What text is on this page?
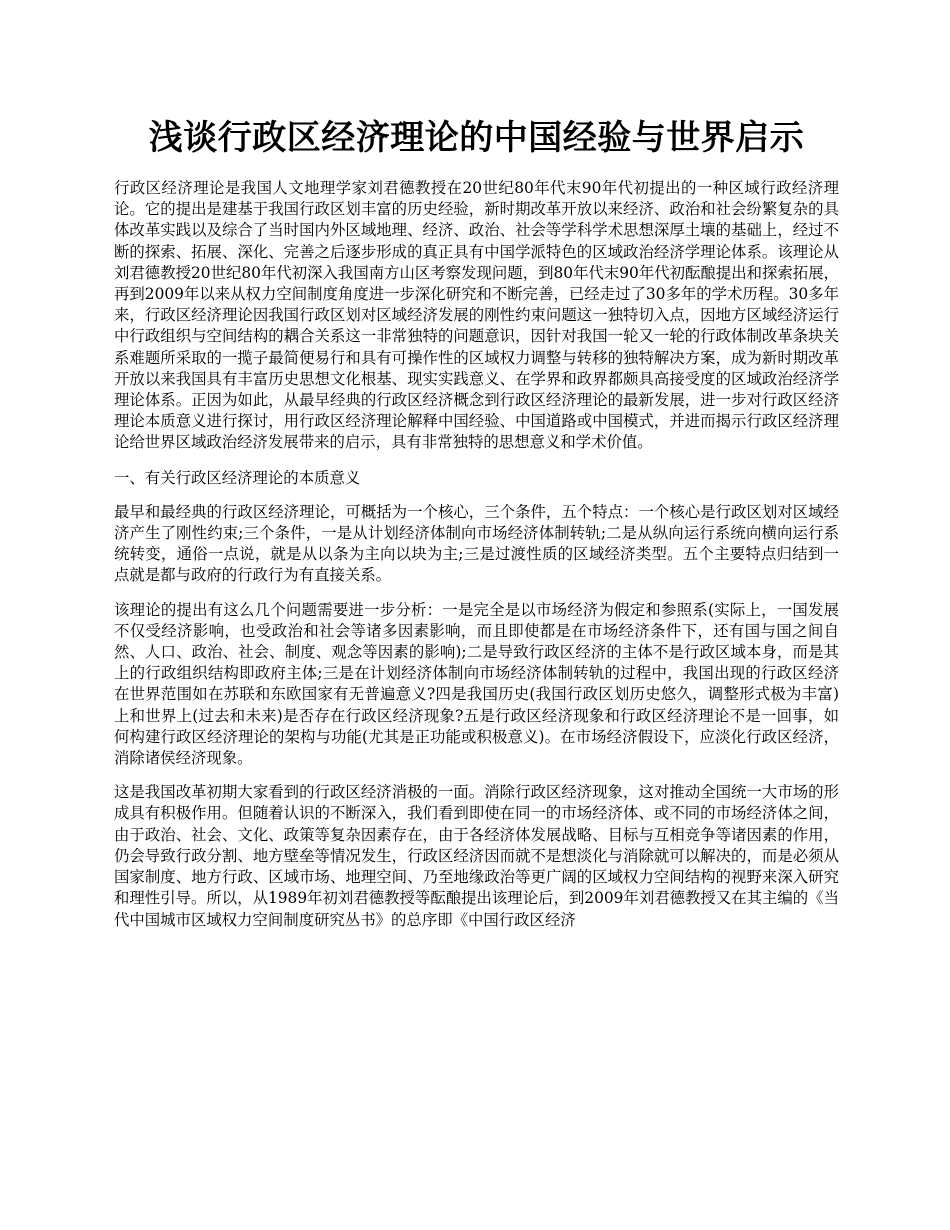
浅谈行政区经济理论的中国经验与世界启示

行政区经济理论是我国人文地理学家刘君德教授在20世纪80年代末90年代初提出的一种区域行政经济理论。它的提出是建基于我国行政区划丰富的历史经验，新时期改革开放以来经济、政治和社会纷繁复杂的具体改革实践以及综合了当时国内外区域地理、经济、政治、社会等学科学术思想深厚土壤的基础上，经过不断的探索、拓展、深化、完善之后逐步形成的真正具有中国学派特色的区域政治经济学理论体系。该理论从刘君德教授20世纪80年代初深入我国南方山区考察发现问题，到80年代末90年代初酝酿提出和探索拓展，再到2009年以来从权力空间制度角度进一步深化研究和不断完善，已经走过了30多年的学术历程。30多年来，行政区经济理论因我国行政区划对区域经济发展的刚性约束问题这一独特切入点，因地方区域经济运行中行政组织与空间结构的耦合关系这一非常独特的问题意识，因针对我国一轮又一轮的行政体制改革条块关系难题所采取的一揽子最简便易行和具有可操作性的区域权力调整与转移的独特解决方案，成为新时期改革开放以来我国具有丰富历史思想文化根基、现实实践意义、在学界和政界都颇具高接受度的区域政治经济学理论体系。正因为如此，从最早经典的行政区经济概念到行政区经济理论的最新发展，进一步对行政区经济理论本质意义进行探讨，用行政区经济理论解释中国经验、中国道路或中国模式，并进而揭示行政区经济理论给世界区域政治经济发展带来的启示，具有非常独特的思想意义和学术价值。

一、有关行政区经济理论的本质意义

最早和最经典的行政区经济理论，可概括为一个核心，三个条件，五个特点：一个核心是行政区划对区域经济产生了刚性约束;三个条件，一是从计划经济体制向市场经济体制转轨;二是从纵向运行系统向横向运行系统转变，通俗一点说，就是从以条为主向以块为主;三是过渡性质的区域经济类型。五个主要特点归结到一点就是都与政府的行政行为有直接关系。

该理论的提出有这么几个问题需要进一步分析：一是完全是以市场经济为假定和参照系(实际上，一国发展不仅受经济影响，也受政治和社会等诸多因素影响，而且即使都是在市场经济条件下，还有国与国之间自然、人口、政治、社会、制度、观念等因素的影响);二是导致行政区经济的主体不是行政区域本身，而是其上的行政组织结构即政府主体;三是在计划经济体制向市场经济体制转轨的过程中，我国出现的行政区经济在世界范围如在苏联和东欧国家有无普遍意义?四是我国历史(我国行政区划历史悠久，调整形式极为丰富)上和世界上(过去和未来)是否存在行政区经济现象?五是行政区经济现象和行政区经济理论不是一回事，如何构建行政区经济理论的架构与功能(尤其是正功能或积极意义)。在市场经济假设下，应淡化行政区经济，消除诸侯经济现象。

这是我国改革初期大家看到的行政区经济消极的一面。消除行政区经济现象，这对推动全国统一大市场的形成具有积极作用。但随着认识的不断深入，我们看到即使在同一的市场经济体、或不同的市场经济体之间，由于政治、社会、文化、政策等复杂因素存在，由于各经济体发展战略、目标与互相竞争等诸因素的作用，仍会导致行政分割、地方壁垒等情况发生，行政区经济因而就不是想淡化与消除就可以解决的，而是必须从国家制度、地方行政、区域市场、地理空间、乃至地缘政治等更广阔的区域权力空间结构的视野来深入研究和理性引导。所以，从1989年初刘君德教授等酝酿提出该理论后，到2009年刘君德教授又在其主编的《当代中国城市区域权力空间制度研究丛书》的总序即《中国行政区经济
